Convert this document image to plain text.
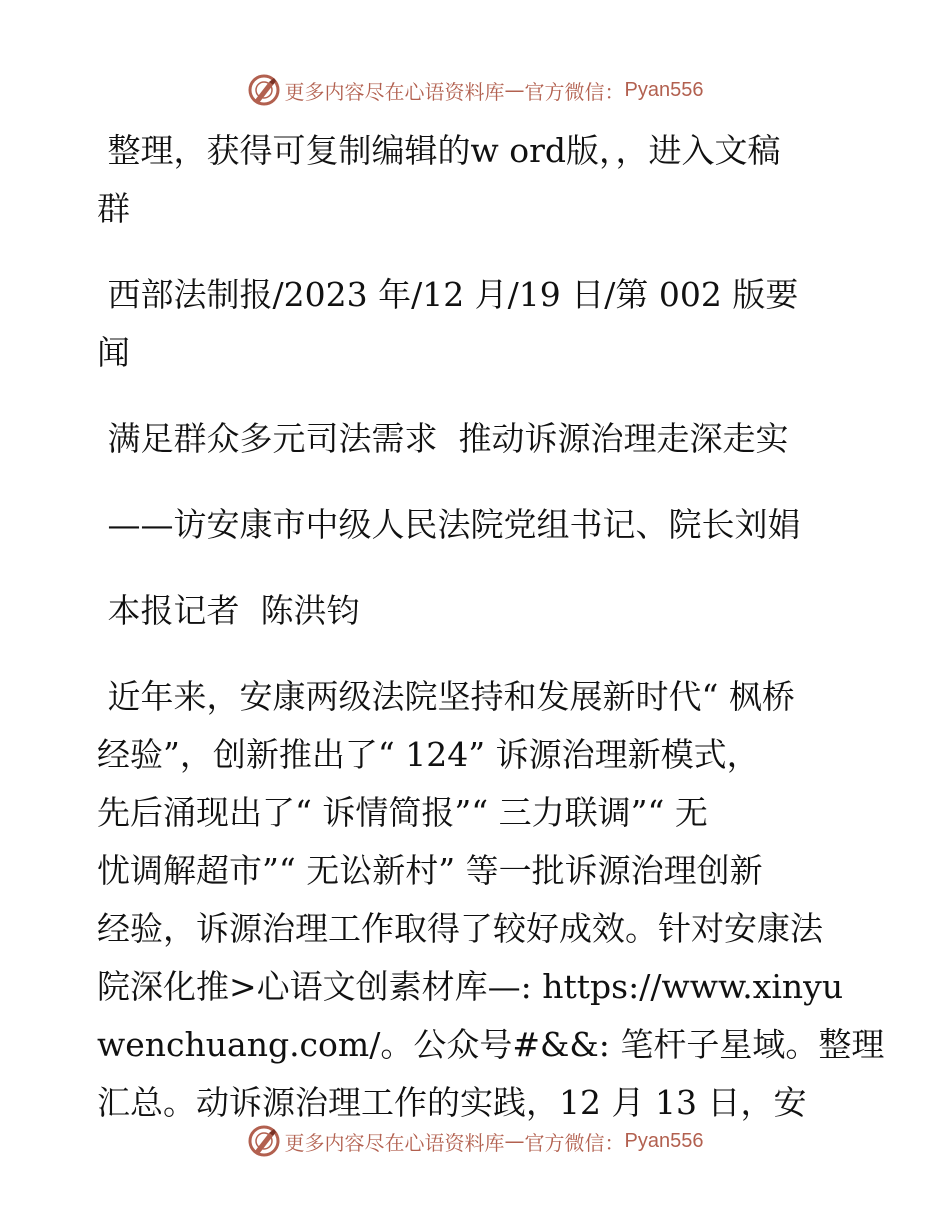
更多内容尽在心语资料库 — 官方微信： Pyan556
整理，获得可复制编辑的w ord版，，进入文稿
群
西部法制报/2023 年/12 月/19 日/第 002 版要
闻
满足群众多元司法需求  推动诉源治理走深走实
——访安康市中级人民法院党组书记、院长刘娟
本报记者  陈洪钧
近年来，安康两级法院坚持和发展新时代“ 枫桥
经验”，创新推出了“ 124” 诉源治理新模式，
先后涌现出了“ 诉情简报”“ 三力联调”“ 无
忧调解超市”“ 无讼新村” 等一批诉源治理创新
经验，诉源治理工作取得了较好成效。针对安康法
院深化推>心语文创素材库—: https://www.xinyu
wenchuang.com/。公众号#&&: 笔杆子星域。整理
汇总。动诉源治理工作的实践，12 月 13 日，安
更多内容尽在心语资料库 — 官方微信： Pyan556
